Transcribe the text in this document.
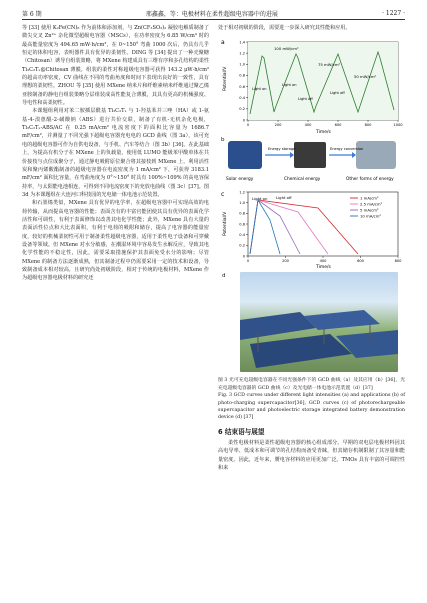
第 6 期	邢鑫鑫，等：电极材料在柔性超级电容器中的进展	· 1227 ·

等 [33] 使用 K₂Fe(CN)₆ 作为前体和添加剂，与 Zn(CF₃SO₃)₂ 凝胶电解质制备了微尖交叉 Zn²⁺ 杂化微型超级电容器（MSCs），在功率密度为 6.85 W/cm³ 时的最高能量密度为 494.65 mW·h/cm³，在 0~150° 弯曲 1000 次后，仍具有几乎恒定的体积电容，表明器件具有优异的柔韧性。DING 等 [34] 提出了一种壳聚糖（Chitosan）诱导自组装策略，将 MXene 构建成具有三维有序和多孔结构的柔性 Ti₃C₂Tₓ@Chitosan 薄膜，组装的柔性对称超级电容器可获得 143.2 μW·h/cm² 的超高功率密度，CV 曲线在不同的弯曲角度和时间下表现出良好的一致性，具有理想的柔韧性。ZHOU 等 [35] 使用 MXene 纳米片和纤维素纳米纤维通过聚乙烯亚胺制备的静电自组装策略分层组装成高性能复合薄膜，其具有更高的机械强度、导电性和高柔韧性。

本课题组利用对苯二胺插层酰基 Ti₃C₂Tₓ 与 1-羟基苯并三唑（HA）或 1-氨基-4-溴蒽醌-2-磺酸钠（ABS）进行共价交联，制备了有机-无机杂化电极，Ti₃C₂Tₓ-ABS/AC 在 0.25 mA/cm² 电流密度下的面积比容量为 1686.7 mF/cm²，并测量了不同光强下超级电容器充电电的 GCD 曲线（图 3a），该可充电的超级电容器可作为自供电设备，与手机、汽车等结合（图 3b）[36]。在此基础上，为提高有机分子在 MXene 上的负载量，使用低 LUMO 能级苯甲酸单体在共价接枝与点位成聚分子，通过静电吸附原位聚合将其接枝到 MXene 上，利用活性炭和聚丙烯酸酯制备的超级电容器在电流密度为 1 mA/cm² 下，可获得 3183.1 mF/cm² 面积比容量，在弯曲角度为 0°~150° 时具有 100%~109% 的高电容保持率，与太阳能电池相连，可得到不同电流密度下的充放电曲线（图 3c）[37]。图 3d 为本课题组在大连河口科技园的光电储一体电池示范装置。

和石墨烯类似，MXene 具有优异的电学率，在超级电容器中可实现高效的电荷传输，从而提高电容器的性能；表面含有的丰富官能团使其具有优异的表面化学活性和可调性，有利于表面修饰以改善其电化学性能；此外，MXene 具有大量的表面活性位点和大比表面积，有利于电荷的吸附和储存，提高了电容器的能量密度，较好的机械柔韧性可用于制备柔性超级电容器，适用于柔性电子设备和可穿戴设备等领域。但 MXene 对水分敏感，在潮湿环境中容易发生水解反应，导致其电化学性能的不稳定性，因此，需要采取措施保护其表面免受水分的影响；尽管 MXene 的制备方法逐渐成熟，但其制备过程中仍需要采用一定的技术和设备，导致制备成本相对较高，且研究尚处初级阶段，相对于传统的电极材料，MXene 作为超级电容器电极材料的研究还

处于相对初级的阶段，需要进一步深入研究其性能和应用。

a
Potential/V
Time/s
0
0.2
0.4
0.6
0.8
1.0
1.2
1.4
0	200	400	600	800	1000
100 mW/cm²
75 mW/cm²
50 mW/cm²
Light on
Light off
Light on
Light off
b
Energy storage	Energy conversion
Solar energy	Chemical energy	Other forms of energy
c
Potential/V
Time/s
0
0.2
0.4
0.6
0.8
1.0
1.2
0	200	400	600	800
Light on Light off	1 mA/cm²
2.5 mA/cm²
5 mA/cm²
10 mA/cm²
d
图 3 光可充电超级电容器在不同光强条件下的 GCD 曲线（a）及其应用（b）[36]，光充电超级电容器的 GCD 曲线（c）及光电储一体电池示范装置（d）[37]
Fig. 3 GCD curves under different light intensities (a) and applications (b) of photo-charging supercapacitor[36], GCD curves (c) of photorechargeable supercapacitor and photoelectric storage integrated battery demonstration device (d) [37]
6 结束语与展望

柔性电极材料是柔性超级电容器的核心组成部分。早期的双电层电极材料因其高电导率、低成本和可调节的孔结构而备受青睐，但其储存机制限制了其容量和能量密度。因此，近年来，赝电容材料的应用更加广泛。TMOs 具有丰富的可调控性和来
